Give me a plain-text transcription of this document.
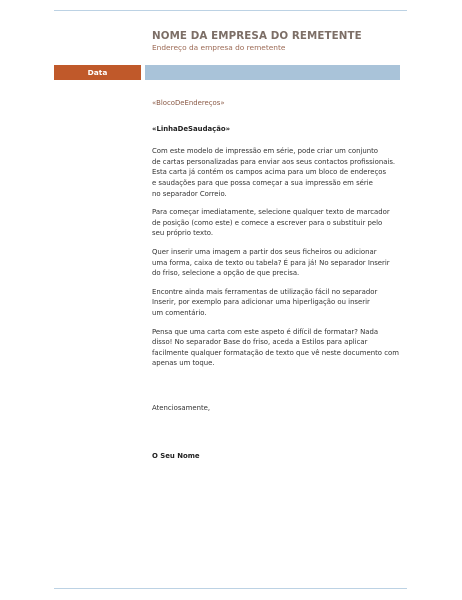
NOME DA EMPRESA DO REMETENTE
Endereço da empresa do remetente
Data
«BlocoDeEndereços»
«LinhaDeSaudação»
Com este modelo de impressão em série, pode criar um conjunto
de cartas personalizadas para enviar aos seus contactos profissionais.
Esta carta já contém os campos acima para um bloco de endereços
e saudações para que possa começar a sua impressão em série
no separador Correio.
Para começar imediatamente, selecione qualquer texto de marcador
de posição (como este) e comece a escrever para o substituir pelo
seu próprio texto.
Quer inserir uma imagem a partir dos seus ficheiros ou adicionar
uma forma, caixa de texto ou tabela? É para já! No separador Inserir
do friso, selecione a opção de que precisa.
Encontre ainda mais ferramentas de utilização fácil no separador
Inserir, por exemplo para adicionar uma hiperligação ou inserir
um comentário.
Pensa que uma carta com este aspeto é difícil de formatar? Nada
disso! No separador Base do friso, aceda a Estilos para aplicar
facilmente qualquer formatação de texto que vê neste documento com
apenas um toque.
Atenciosamente,
O Seu Nome
